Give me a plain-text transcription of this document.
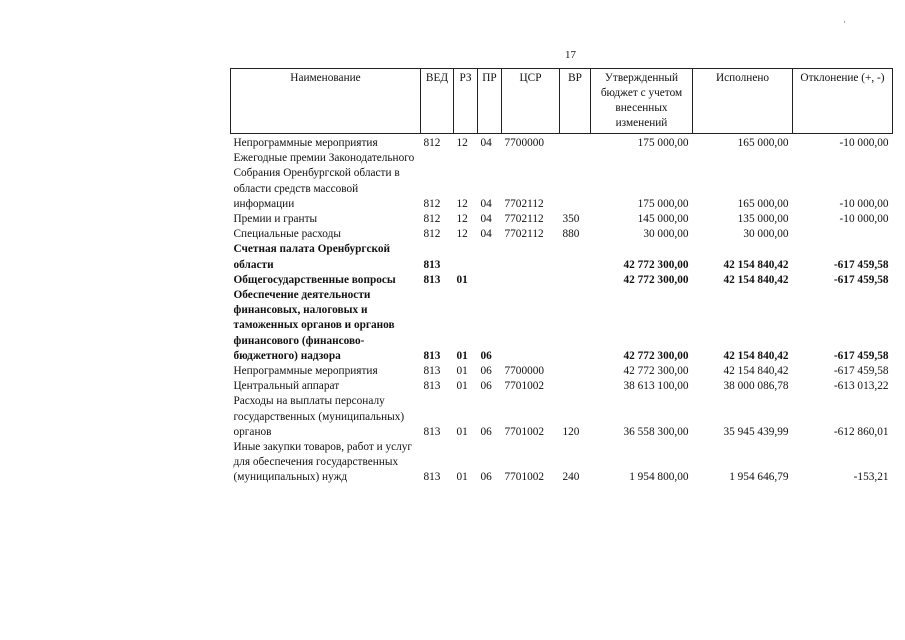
·
17
Наименование	ВЕД	РЗ	ПР	ЦСР	ВР	Утвержденный бюджет с учетом внесенных изменений	Исполнено	Отклонение (+, -)
Непрограммные мероприятия	812	12	04	7700000		175 000,00	165 000,00	-10 000,00
Ежегодные премии Законодательного Собрания Оренбургской области в области средств массовой информации	812	12	04	7702112		175 000,00	165 000,00	-10 000,00
Премии и гранты	812	12	04	7702112	350	145 000,00	135 000,00	-10 000,00
Специальные расходы	812	12	04	7702112	880	30 000,00	30 000,00	
Счетная палата Оренбургской области	813					42 772 300,00	42 154 840,42	-617 459,58
Общегосударственные вопросы	813	01				42 772 300,00	42 154 840,42	-617 459,58
Обеспечение деятельности финансовых, налоговых и таможенных органов и органов финансового (финансово-бюджетного) надзора	813	01	06			42 772 300,00	42 154 840,42	-617 459,58
Непрограммные мероприятия	813	01	06	7700000		42 772 300,00	42 154 840,42	-617 459,58
Центральный аппарат	813	01	06	7701002		38 613 100,00	38 000 086,78	-613 013,22
Расходы на выплаты персоналу государственных (муниципальных) органов	813	01	06	7701002	120	36 558 300,00	35 945 439,99	-612 860,01
Иные закупки товаров, работ и услуг для обеспечения государственных (муниципальных) нужд	813	01	06	7701002	240	1 954 800,00	1 954 646,79	-153,21
